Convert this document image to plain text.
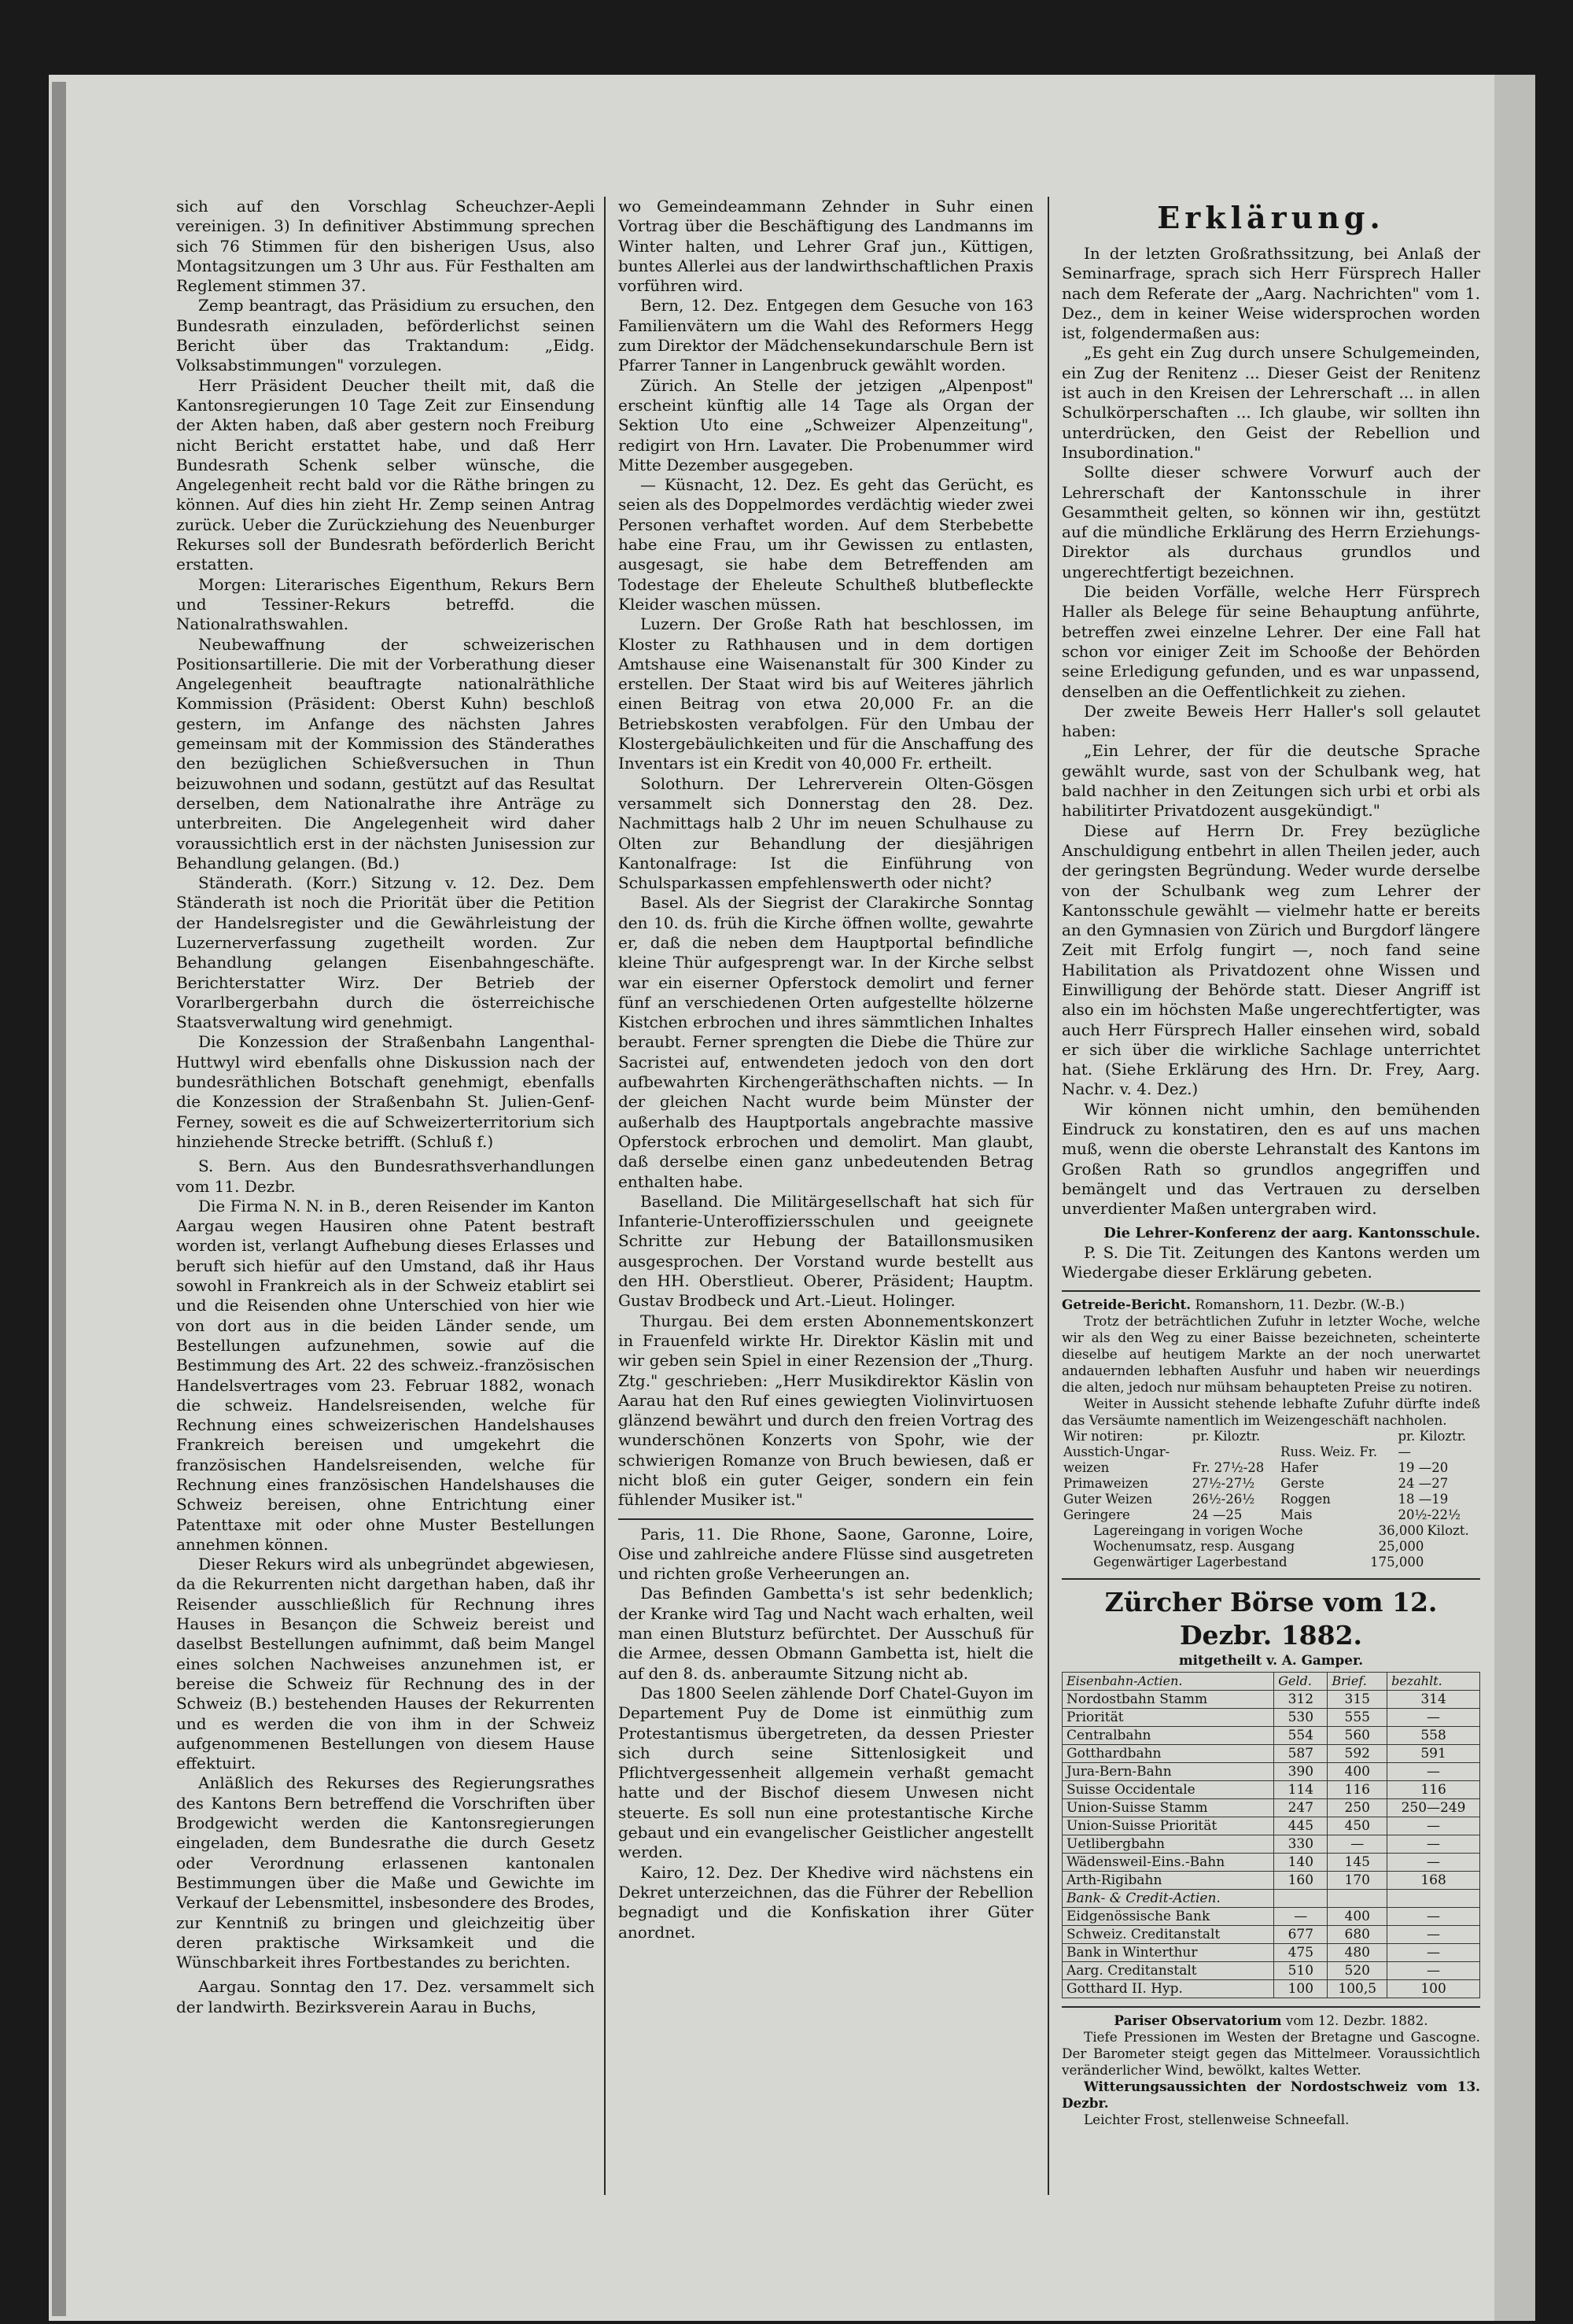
sich auf den Vorschlag Scheuchzer-Aepli vereinigen. 3) In definitiver Abstimmung sprechen sich 76 Stimmen für den bisherigen Usus, also Montagsitzungen um 3 Uhr aus. Für Festhalten am Reglement stimmen 37.

Zemp beantragt, das Präsidium zu ersuchen, den Bundesrath einzuladen, beförderlichst seinen Bericht über das Traktandum: „Eidg. Volksabstimmungen" vorzulegen.

Herr Präsident Deucher theilt mit, daß die Kantonsregierungen 10 Tage Zeit zur Einsendung der Akten haben, daß aber gestern noch Freiburg nicht Bericht erstattet habe, und daß Herr Bundesrath Schenk selber wünsche, die Angelegenheit recht bald vor die Räthe bringen zu können. Auf dies hin zieht Hr. Zemp seinen Antrag zurück. Ueber die Zurückziehung des Neuenburger Rekurses soll der Bundesrath beförderlich Bericht erstatten.

Morgen: Literarisches Eigenthum, Rekurs Bern und Tessiner-Rekurs betreffd. die Nationalrathswahlen.

Neubewaffnung der schweizerischen Positionsartillerie. Die mit der Vorberathung dieser Angelegenheit beauftragte nationalräthliche Kommission (Präsident: Oberst Kuhn) beschloß gestern, im Anfange des nächsten Jahres gemeinsam mit der Kommission des Ständerathes den bezüglichen Schießversuchen in Thun beizuwohnen und sodann, gestützt auf das Resultat derselben, dem Nationalrathe ihre Anträge zu unterbreiten. Die Angelegenheit wird daher voraussichtlich erst in der nächsten Junisession zur Behandlung gelangen. (Bd.)

Ständerath. (Korr.) Sitzung v. 12. Dez. Dem Ständerath ist noch die Priorität über die Petition der Handelsregister und die Gewährleistung der Luzernerverfassung zugetheilt worden. Zur Behandlung gelangen Eisenbahngeschäfte. Berichterstatter Wirz. Der Betrieb der Vorarlbergerbahn durch die österreichische Staatsverwaltung wird genehmigt.

Die Konzession der Straßenbahn Langenthal-Huttwyl wird ebenfalls ohne Diskussion nach der bundesräthlichen Botschaft genehmigt, ebenfalls die Konzession der Straßenbahn St. Julien-Genf-Ferney, soweit es die auf Schweizerterritorium sich hinziehende Strecke betrifft. (Schluß f.)

S. Bern. Aus den Bundesrathsverhandlungen vom 11. Dezbr.

Die Firma N. N. in B., deren Reisender im Kanton Aargau wegen Hausiren ohne Patent bestraft worden ist, verlangt Aufhebung dieses Erlasses und beruft sich hiefür auf den Umstand, daß ihr Haus sowohl in Frankreich als in der Schweiz etablirt sei und die Reisenden ohne Unterschied von hier wie von dort aus in die beiden Länder sende, um Bestellungen aufzunehmen, sowie auf die Bestimmung des Art. 22 des schweiz.-französischen Handelsvertrages vom 23. Februar 1882, wonach die schweiz. Handelsreisenden, welche für Rechnung eines schweizerischen Handelshauses Frankreich bereisen und umgekehrt die französischen Handelsreisenden, welche für Rechnung eines französischen Handelshauses die Schweiz bereisen, ohne Entrichtung einer Patenttaxe mit oder ohne Muster Bestellungen annehmen können.

Dieser Rekurs wird als unbegründet abgewiesen, da die Rekurrenten nicht dargethan haben, daß ihr Reisender ausschließlich für Rechnung ihres Hauses in Besançon die Schweiz bereist und daselbst Bestellungen aufnimmt, daß beim Mangel eines solchen Nachweises anzunehmen ist, er bereise die Schweiz für Rechnung des in der Schweiz (B.) bestehenden Hauses der Rekurrenten und es werden die von ihm in der Schweiz aufgenommenen Bestellungen von diesem Hause effektuirt.

Anläßlich des Rekurses des Regierungsrathes des Kantons Bern betreffend die Vorschriften über Brodgewicht werden die Kantonsregierungen eingeladen, dem Bundesrathe die durch Gesetz oder Verordnung erlassenen kantonalen Bestimmungen über die Maße und Gewichte im Verkauf der Lebensmittel, insbesondere des Brodes, zur Kenntniß zu bringen und gleichzeitig über deren praktische Wirksamkeit und die Wünschbarkeit ihres Fortbestandes zu berichten.

Aargau. Sonntag den 17. Dez. versammelt sich der landwirth. Bezirksverein Aarau in Buchs,

wo Gemeindeammann Zehnder in Suhr einen Vortrag über die Beschäftigung des Landmanns im Winter halten, und Lehrer Graf jun., Küttigen, buntes Allerlei aus der landwirthschaftlichen Praxis vorführen wird.

Bern, 12. Dez. Entgegen dem Gesuche von 163 Familienvätern um die Wahl des Reformers Hegg zum Direktor der Mädchensekundarschule Bern ist Pfarrer Tanner in Langenbruck gewählt worden.

Zürich. An Stelle der jetzigen „Alpenpost" erscheint künftig alle 14 Tage als Organ der Sektion Uto eine „Schweizer Alpenzeitung", redigirt von Hrn. Lavater. Die Probenummer wird Mitte Dezember ausgegeben.

— Küsnacht, 12. Dez. Es geht das Gerücht, es seien als des Doppelmordes verdächtig wieder zwei Personen verhaftet worden. Auf dem Sterbebette habe eine Frau, um ihr Gewissen zu entlasten, ausgesagt, sie habe dem Betreffenden am Todestage der Eheleute Schultheß blutbefleckte Kleider waschen müssen.

Luzern. Der Große Rath hat beschlossen, im Kloster zu Rathhausen und in dem dortigen Amtshause eine Waisenanstalt für 300 Kinder zu erstellen. Der Staat wird bis auf Weiteres jährlich einen Beitrag von etwa 20,000 Fr. an die Betriebskosten verabfolgen. Für den Umbau der Klostergebäulichkeiten und für die Anschaffung des Inventars ist ein Kredit von 40,000 Fr. ertheilt.

Solothurn. Der Lehrerverein Olten-Gösgen versammelt sich Donnerstag den 28. Dez. Nachmittags halb 2 Uhr im neuen Schulhause zu Olten zur Behandlung der diesjährigen Kantonalfrage: Ist die Einführung von Schulsparkassen empfehlenswerth oder nicht?

Basel. Als der Siegrist der Clarakirche Sonntag den 10. ds. früh die Kirche öffnen wollte, gewahrte er, daß die neben dem Hauptportal befindliche kleine Thür aufgesprengt war. In der Kirche selbst war ein eiserner Opferstock demolirt und ferner fünf an verschiedenen Orten aufgestellte hölzerne Kistchen erbrochen und ihres sämmtlichen Inhaltes beraubt. Ferner sprengten die Diebe die Thüre zur Sacristei auf, entwendeten jedoch von den dort aufbewahrten Kirchengeräthschaften nichts. — In der gleichen Nacht wurde beim Münster der außerhalb des Hauptportals angebrachte massive Opferstock erbrochen und demolirt. Man glaubt, daß derselbe einen ganz unbedeutenden Betrag enthalten habe.

Baselland. Die Militärgesellschaft hat sich für Infanterie-Unteroffiziersschulen und geeignete Schritte zur Hebung der Bataillonsmusiken ausgesprochen. Der Vorstand wurde bestellt aus den HH. Oberstlieut. Oberer, Präsident; Hauptm. Gustav Brodbeck und Art.-Lieut. Holinger.

Thurgau. Bei dem ersten Abonnementskonzert in Frauenfeld wirkte Hr. Direktor Käslin mit und wir geben sein Spiel in einer Rezension der „Thurg. Ztg." geschrieben: „Herr Musikdirektor Käslin von Aarau hat den Ruf eines gewiegten Violinvirtuosen glänzend bewährt und durch den freien Vortrag des wunderschönen Konzerts von Spohr, wie der schwierigen Romanze von Bruch bewiesen, daß er nicht bloß ein guter Geiger, sondern ein fein fühlender Musiker ist."

Paris, 11. Die Rhone, Saone, Garonne, Loire, Oise und zahlreiche andere Flüsse sind ausgetreten und richten große Verheerungen an.

Das Befinden Gambetta's ist sehr bedenklich; der Kranke wird Tag und Nacht wach erhalten, weil man einen Blutsturz befürchtet. Der Ausschuß für die Armee, dessen Obmann Gambetta ist, hielt die auf den 8. ds. anberaumte Sitzung nicht ab.

Das 1800 Seelen zählende Dorf Chatel-Guyon im Departement Puy de Dome ist einmüthig zum Protestantismus übergetreten, da dessen Priester sich durch seine Sittenlosigkeit und Pflichtvergessenheit allgemein verhaßt gemacht hatte und der Bischof diesem Unwesen nicht steuerte. Es soll nun eine protestantische Kirche gebaut und ein evangelischer Geistlicher angestellt werden.

Kairo, 12. Dez. Der Khedive wird nächstens ein Dekret unterzeichnen, das die Führer der Rebellion begnadigt und die Konfiskation ihrer Güter anordnet.

Erklärung.

In der letzten Großrathssitzung, bei Anlaß der Seminarfrage, sprach sich Herr Fürsprech Haller nach dem Referate der „Aarg. Nachrichten" vom 1. Dez., dem in keiner Weise widersprochen worden ist, folgendermaßen aus:

„Es geht ein Zug durch unsere Schulgemeinden, ein Zug der Renitenz ... Dieser Geist der Renitenz ist auch in den Kreisen der Lehrerschaft ... in allen Schulkörperschaften ... Ich glaube, wir sollten ihn unterdrücken, den Geist der Rebellion und Insubordination."

Sollte dieser schwere Vorwurf auch der Lehrerschaft der Kantonsschule in ihrer Gesammtheit gelten, so können wir ihn, gestützt auf die mündliche Erklärung des Herrn Erziehungs-Direktor als durchaus grundlos und ungerechtfertigt bezeichnen.

Die beiden Vorfälle, welche Herr Fürsprech Haller als Belege für seine Behauptung anführte, betreffen zwei einzelne Lehrer. Der eine Fall hat schon vor einiger Zeit im Schooße der Behörden seine Erledigung gefunden, und es war unpassend, denselben an die Oeffentlichkeit zu ziehen.

Der zweite Beweis Herr Haller's soll gelautet haben:

„Ein Lehrer, der für die deutsche Sprache gewählt wurde, sast von der Schulbank weg, hat bald nachher in den Zeitungen sich urbi et orbi als habilitirter Privatdozent ausgekündigt."

Diese auf Herrn Dr. Frey bezügliche Anschuldigung entbehrt in allen Theilen jeder, auch der geringsten Begründung. Weder wurde derselbe von der Schulbank weg zum Lehrer der Kantonsschule gewählt — vielmehr hatte er bereits an den Gymnasien von Zürich und Burgdorf längere Zeit mit Erfolg fungirt —, noch fand seine Habilitation als Privatdozent ohne Wissen und Einwilligung der Behörde statt. Dieser Angriff ist also ein im höchsten Maße ungerechtfertigter, was auch Herr Fürsprech Haller einsehen wird, sobald er sich über die wirkliche Sachlage unterrichtet hat. (Siehe Erklärung des Hrn. Dr. Frey, Aarg. Nachr. v. 4. Dez.)

Wir können nicht umhin, den bemühenden Eindruck zu konstatiren, den es auf uns machen muß, wenn die oberste Lehranstalt des Kantons im Großen Rath so grundlos angegriffen und bemängelt und das Vertrauen zu derselben unverdienter Maßen untergraben wird.

Die Lehrer-Konferenz der aarg. Kantonsschule.

P. S. Die Tit. Zeitungen des Kantons werden um Wiedergabe dieser Erklärung gebeten.

Getreide-Bericht. Romanshorn, 11. Dezbr. (W.-B.)

Trotz der beträchtlichen Zufuhr in letzter Woche, welche wir als den Weg zu einer Baisse bezeichneten, scheinterte dieselbe auf heutigem Markte an der noch unerwartet andauernden lebhaften Ausfuhr und haben wir neuerdings die alten, jedoch nur mühsam behaupteten Preise zu notiren.

Weiter in Aussicht stehende lebhafte Zufuhr dürfte indeß das Versäumte namentlich im Weizengeschäft nachholen.

Wir notiren:	pr. Kiloztr.		pr. Kiloztr.
Ausstich-Ungar-		Russ. Weiz. Fr.	—
weizen	Fr. 27½-28	Hafer	19 —20
Primaweizen	27½-27½	Gerste	24 —27
Guter Weizen	26½-26½	Roggen	18 —19
Geringere	24 —25	Mais	20½-22½
Lagereingang in vorigen Woche	36,000	Kilozt.
Wochenumsatz, resp. Ausgang	25,000	
Gegenwärtiger Lagerbestand	175,000	
Zürcher Börse vom 12. Dezbr. 1882.
mitgetheilt v. A. Gamper.
Eisenbahn-Actien.	Geld.	Brief.	bezahlt.
Nordostbahn Stamm	312	315	314
Priorität	530	555	—
Centralbahn	554	560	558
Gotthardbahn	587	592	591
Jura-Bern-Bahn	390	400	—
Suisse Occidentale	114	116	116
Union-Suisse Stamm	247	250	250—249
Union-Suisse Priorität	445	450	—
Uetlibergbahn	330	—	—
Wädensweil-Eins.-Bahn	140	145	—
Arth-Rigibahn	160	170	168
Bank- & Credit-Actien.			
Eidgenössische Bank	—	400	—
Schweiz. Creditanstalt	677	680	—
Bank in Winterthur	475	480	—
Aarg. Creditanstalt	510	520	—
Gotthard II. Hyp.	100	100,5	100

Pariser Observatorium vom 12. Dezbr. 1882.

Tiefe Pressionen im Westen der Bretagne und Gascogne. Der Barometer steigt gegen das Mittelmeer. Voraussichtlich veränderlicher Wind, bewölkt, kaltes Wetter.

Witterungsaussichten der Nordostschweiz vom 13. Dezbr.

Leichter Frost, stellenweise Schneefall.
